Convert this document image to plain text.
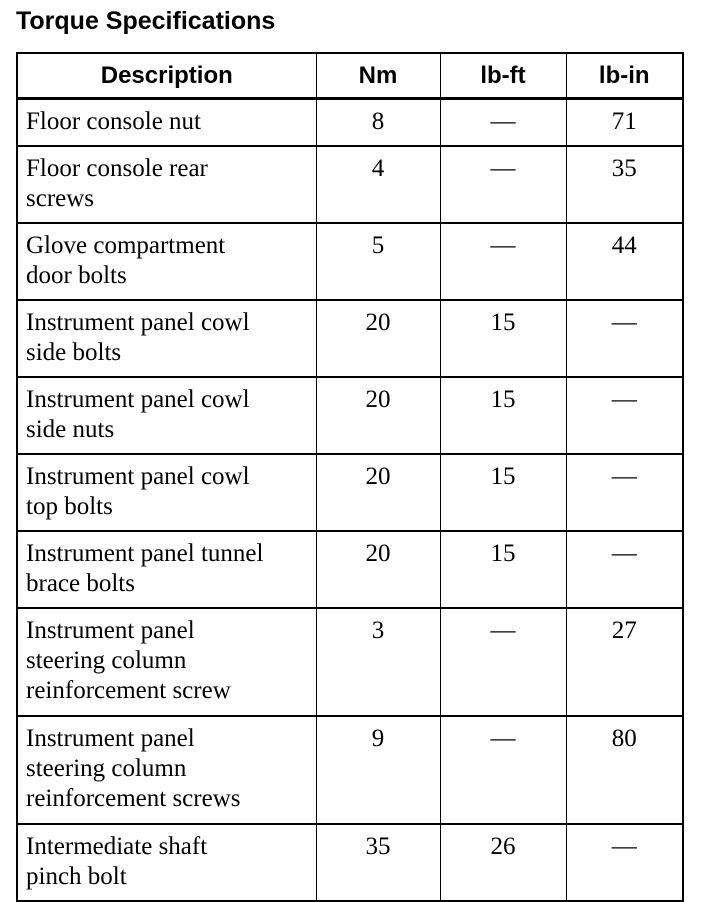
Torque Specifications
Description	Nm	lb-ft	lb-in
Floor console nut	8	—	71
Floor console rear
screws	4	—	35
Glove compartment
door bolts	5	—	44
Instrument panel cowl
side bolts	20	15	—
Instrument panel cowl
side nuts	20	15	—
Instrument panel cowl
top bolts	20	15	—
Instrument panel tunnel
brace bolts	20	15	—
Instrument panel
steering column
reinforcement screw	3	—	27
Instrument panel
steering column
reinforcement screws	9	—	80
Intermediate shaft
pinch bolt	35	26	—
